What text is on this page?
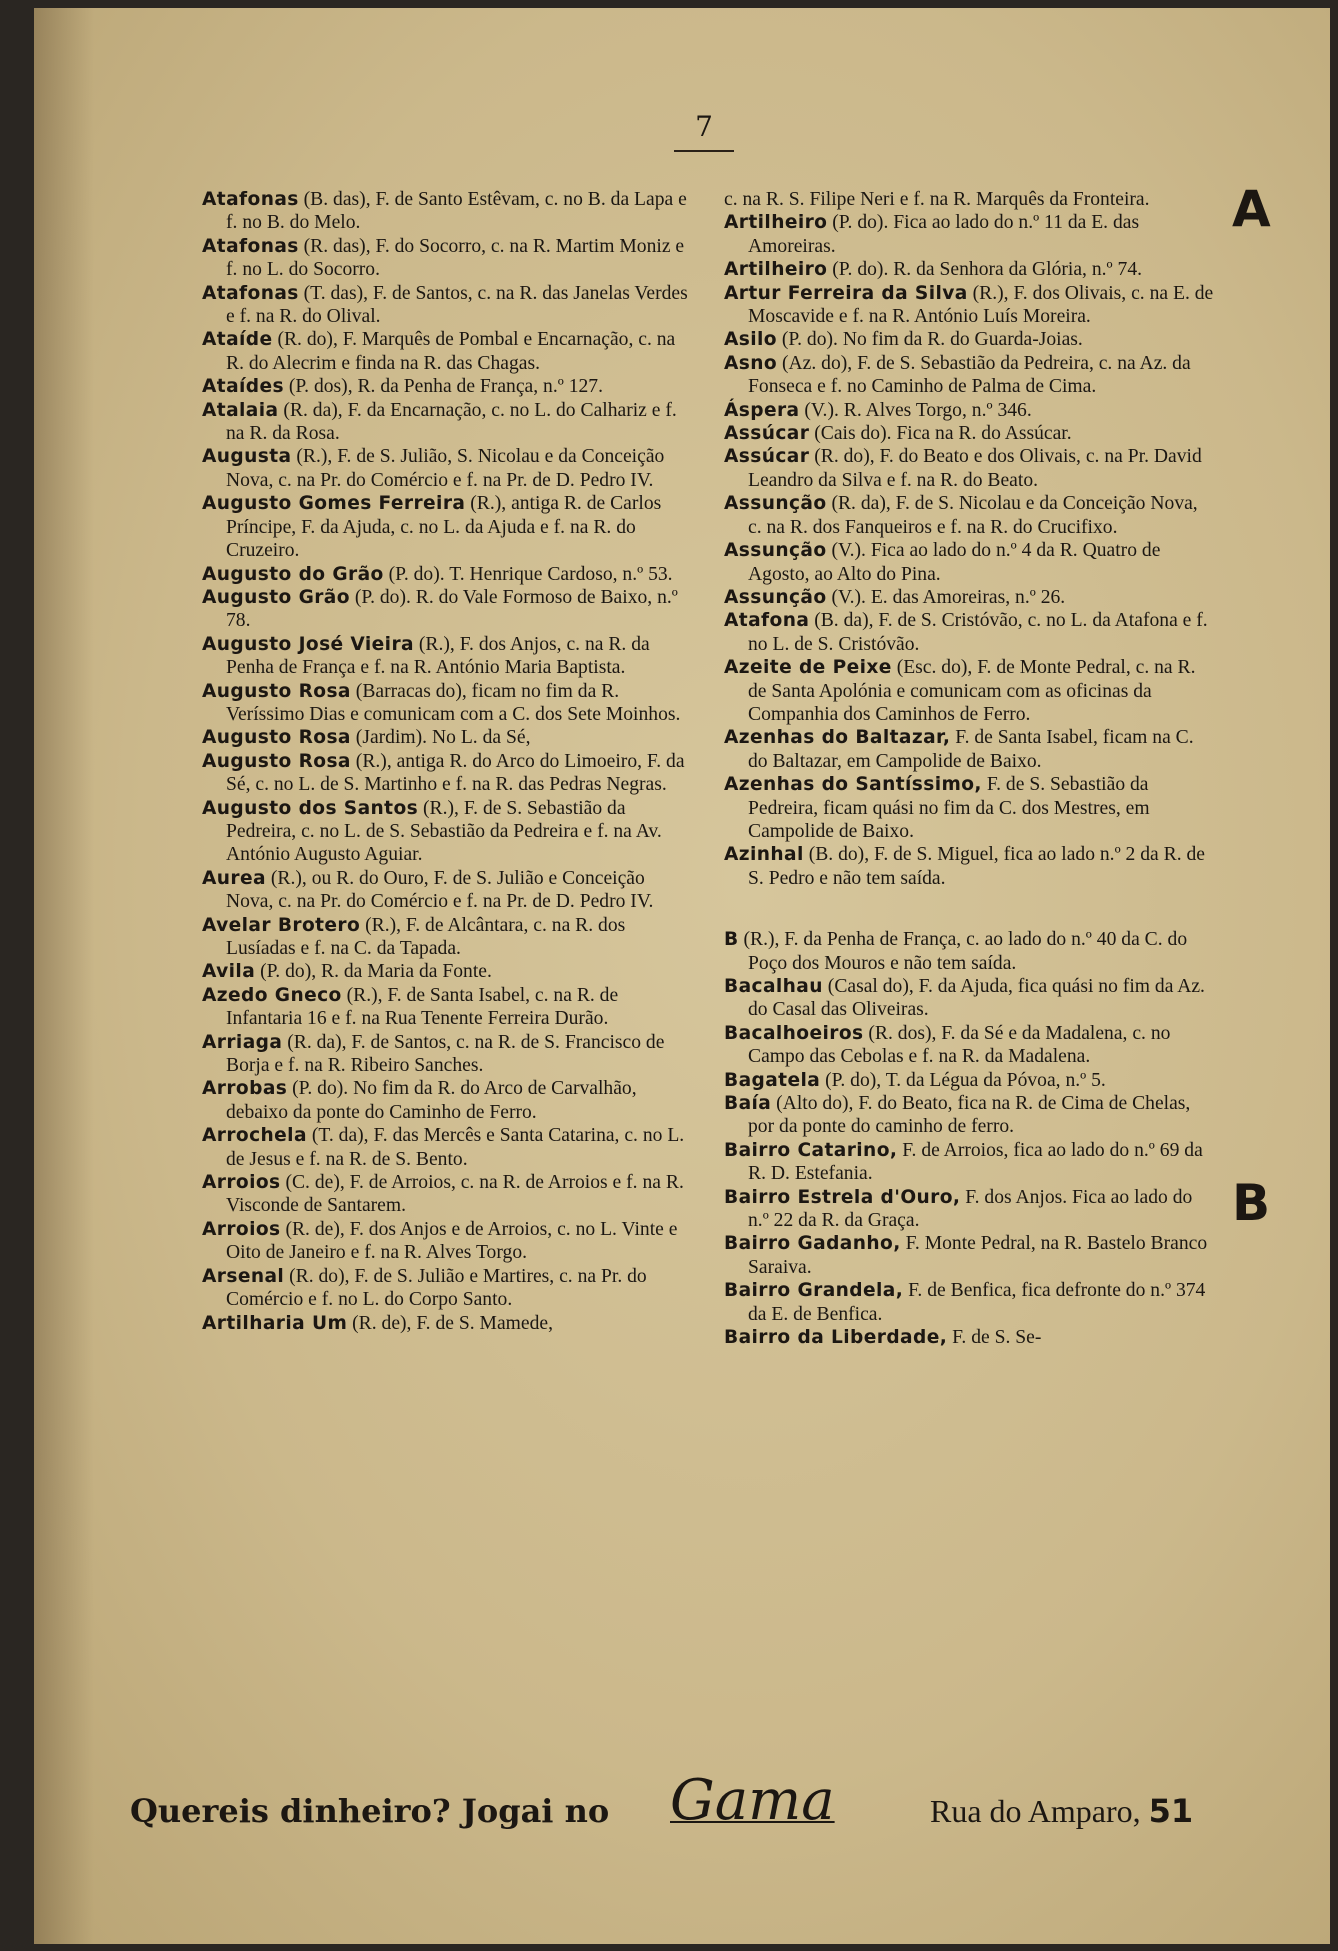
7
A
B

Atafonas (B. das), F. de Santo Estêvam, c. no B. da Lapa e f. no B. do Melo.

Atafonas (R. das), F. do Socorro, c. na R. Martim Moniz e f. no L. do Socorro.

Atafonas (T. das), F. de Santos, c. na R. das Janelas Verdes e f. na R. do Olival.

Ataíde (R. do), F. Marquês de Pombal e Encarnação, c. na R. do Alecrim e finda na R. das Chagas.

Ataídes (P. dos), R. da Penha de França, n.º 127.

Atalaia (R. da), F. da Encarnação, c. no L. do Calhariz e f. na R. da Rosa.

Augusta (R.), F. de S. Julião, S. Nicolau e da Conceição Nova, c. na Pr. do Comércio e f. na Pr. de D. Pedro IV.

Augusto Gomes Ferreira (R.), antiga R. de Carlos Príncipe, F. da Ajuda, c. no L. da Ajuda e f. na R. do Cruzeiro.

Augusto do Grão (P. do). T. Henrique Cardoso, n.º 53.

Augusto Grão (P. do). R. do Vale Formoso de Baixo, n.º 78.

Augusto José Vieira (R.), F. dos Anjos, c. na R. da Penha de França e f. na R. António Maria Baptista.

Augusto Rosa (Barracas do), ficam no fim da R. Veríssimo Dias e comunicam com a C. dos Sete Moinhos.

Augusto Rosa (Jardim). No L. da Sé,

Augusto Rosa (R.), antiga R. do Arco do Limoeiro, F. da Sé, c. no L. de S. Martinho e f. na R. das Pedras Negras.

Augusto dos Santos (R.), F. de S. Sebastião da Pedreira, c. no L. de S. Sebastião da Pedreira e f. na Av. António Augusto Aguiar.

Aurea (R.), ou R. do Ouro, F. de S. Julião e Conceição Nova, c. na Pr. do Comércio e f. na Pr. de D. Pedro IV.

Avelar Brotero (R.), F. de Alcântara, c. na R. dos Lusíadas e f. na C. da Tapada.

Avila (P. do), R. da Maria da Fonte.

Azedo Gneco (R.), F. de Santa Isabel, c. na R. de Infantaria 16 e f. na Rua Tenente Ferreira Durão.

Arriaga (R. da), F. de Santos, c. na R. de S. Francisco de Borja e f. na R. Ribeiro Sanches.

Arrobas (P. do). No fim da R. do Arco de Carvalhão, debaixo da ponte do Caminho de Ferro.

Arrochela (T. da), F. das Mercês e Santa Catarina, c. no L. de Jesus e f. na R. de S. Bento.

Arroios (C. de), F. de Arroios, c. na R. de Arroios e f. na R. Visconde de Santarem.

Arroios (R. de), F. dos Anjos e de Arroios, c. no L. Vinte e Oito de Janeiro e f. na R. Alves Torgo.

Arsenal (R. do), F. de S. Julião e Martires, c. na Pr. do Comércio e f. no L. do Corpo Santo.

Artilharia Um (R. de), F. de S. Mamede,

c. na R. S. Filipe Neri e f. na R. Marquês da Fronteira.

Artilheiro (P. do). Fica ao lado do n.º 11 da E. das Amoreiras.

Artilheiro (P. do). R. da Senhora da Glória, n.º 74.

Artur Ferreira da Silva (R.), F. dos Olivais, c. na E. de Moscavide e f. na R. António Luís Moreira.

Asilo (P. do). No fim da R. do Guarda-Joias.

Asno (Az. do), F. de S. Sebastião da Pedreira, c. na Az. da Fonseca e f. no Caminho de Palma de Cima.

Áspera (V.). R. Alves Torgo, n.º 346.

Assúcar (Cais do). Fica na R. do Assúcar.

Assúcar (R. do), F. do Beato e dos Olivais, c. na Pr. David Leandro da Silva e f. na R. do Beato.

Assunção (R. da), F. de S. Nicolau e da Conceição Nova, c. na R. dos Fanqueiros e f. na R. do Crucifixo.

Assunção (V.). Fica ao lado do n.º 4 da R. Quatro de Agosto, ao Alto do Pina.

Assunção (V.). E. das Amoreiras, n.º 26.

Atafona (B. da), F. de S. Cristóvão, c. no L. da Atafona e f. no L. de S. Cristóvão.

Azeite de Peixe (Esc. do), F. de Monte Pedral, c. na R. de Santa Apolónia e comunicam com as oficinas da Companhia dos Caminhos de Ferro.

Azenhas do Baltazar, F. de Santa Isabel, ficam na C. do Baltazar, em Campolide de Baixo.

Azenhas do Santíssimo, F. de S. Sebastião da Pedreira, ficam quási no fim da C. dos Mestres, em Campolide de Baixo.

Azinhal (B. do), F. de S. Miguel, fica ao lado n.º 2 da R. de S. Pedro e não tem saída.

B (R.), F. da Penha de França, c. ao lado do n.º 40 da C. do Poço dos Mouros e não tem saída.

Bacalhau (Casal do), F. da Ajuda, fica quási no fim da Az. do Casal das Oliveiras.

Bacalhoeiros (R. dos), F. da Sé e da Madalena, c. no Campo das Cebolas e f. na R. da Madalena.

Bagatela (P. do), T. da Légua da Póvoa, n.º 5.

Baía (Alto do), F. do Beato, fica na R. de Cima de Chelas, por da ponte do caminho de ferro.

Bairro Catarino, F. de Arroios, fica ao lado do n.º 69 da R. D. Estefania.

Bairro Estrela d'Ouro, F. dos Anjos. Fica ao lado do n.º 22 da R. da Graça.

Bairro Gadanho, F. Monte Pedral, na R. Bastelo Branco Saraiva.

Bairro Grandela, F. de Benfica, fica defronte do n.º 374 da E. de Benfica.

Bairro da Liberdade, F. de S. Se-

Quereis dinheiro? Jogai no Gama	Rua do Amparo, 51
